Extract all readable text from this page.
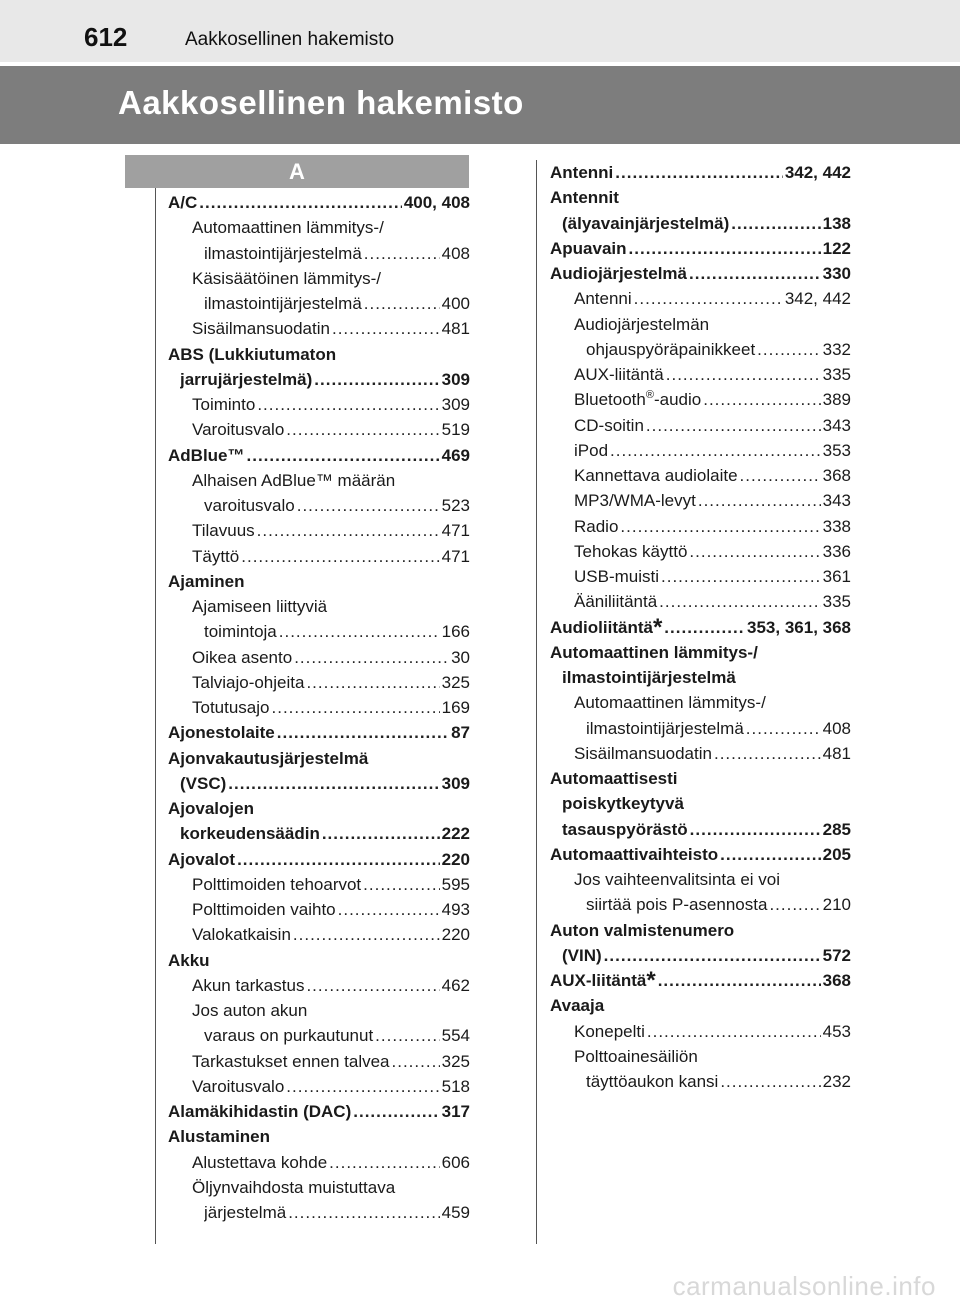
612	Aakkosellinen hakemisto
Aakkosellinen hakemisto
A
A/C .....	400, 408
Automaattinen lämmitys-/
ilmastointijärjestelmä .....	408
Käsisäätöinen lämmitys-/
ilmastointijärjestelmä .....	400
Sisäilmansuodatin .....	481
ABS (Lukkiutumaton
jarrujärjestelmä) .....	309
Toiminto .....	309
Varoitusvalo .....	519
AdBlue™ .....	469
Alhaisen AdBlue™ määrän
varoitusvalo .....	523
Tilavuus .....	471
Täyttö .....	471
Ajaminen
Ajamiseen liittyviä
toimintoja .....	166
Oikea asento .....	30
Talviajo-ohjeita .....	325
Totutusajo .....	169
Ajonestolaite .....	87
Ajonvakautusjärjestelmä
(VSC) .....	309
Ajovalojen
korkeudensäädin .....	222
Ajovalot .....	220
Polttimoiden tehoarvot .....	595
Polttimoiden vaihto .....	493
Valokatkaisin .....	220
Akku
Akun tarkastus .....	462
Jos auton akun
varaus on purkautunut .....	554
Tarkastukset ennen talvea .....	325
Varoitusvalo .....	518
Alamäkihidastin (DAC) .....	317
Alustaminen
Alustettava kohde .....	606
Öljynvaihdosta muistuttava
järjestelmä .....	459
Antenni .....	342, 442
Antennit
(älyavainjärjestelmä) .....	138
Apuavain .....	122
Audiojärjestelmä .....	330
Antenni .....	342, 442
Audiojärjestelmän
ohjauspyöräpainikkeet .....	332
AUX-liitäntä .....	335
Bluetooth®-audio .....	389
CD-soitin .....	343
iPod .....	353
Kannettava audiolaite .....	368
MP3/WMA-levyt .....	343
Radio .....	338
Tehokas käyttö .....	336
USB-muisti .....	361
Ääniliitäntä .....	335
Audioliitäntä* .....	353, 361, 368
Automaattinen lämmitys-/
ilmastointijärjestelmä
Automaattinen lämmitys-/
ilmastointijärjestelmä .....	408
Sisäilmansuodatin .....	481
Automaattisesti
poiskytkeytyvä
tasauspyörästö .....	285
Automaattivaihteisto .....	205
Jos vaihteenvalitsinta ei voi
siirtää pois P-asennosta .....	210
Auton valmistenumero
(VIN) .....	572
AUX-liitäntä* .....	368
Avaaja
Konepelti .....	453
Polttoainesäiliön
täyttöaukon kansi .....	232
carmanualsonline.info
